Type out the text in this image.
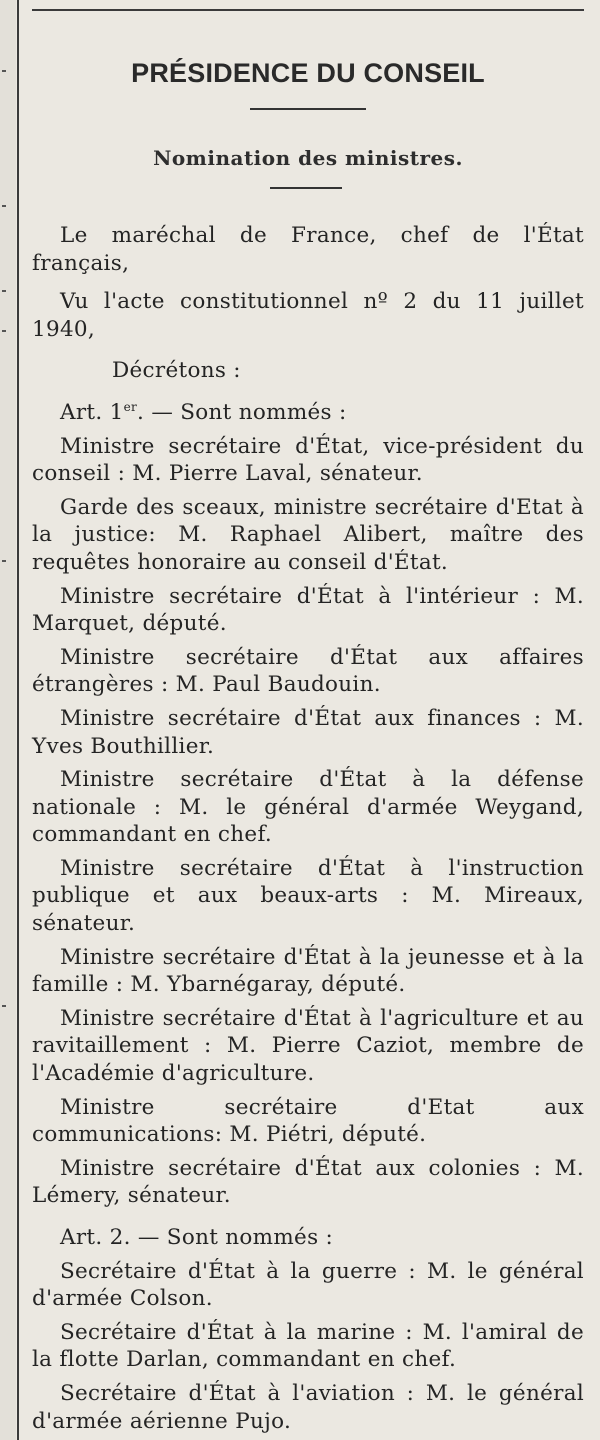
PRÉSIDENCE DU CONSEIL
Nomination des ministres.

Le maréchal de France, chef de l'État français,

Vu l'acte constitutionnel nº 2 du 11 juillet 1940,

Décrétons :

Art. 1er. — Sont nommés :

Ministre secrétaire d'État, vice-président du conseil : M. Pierre Laval, sénateur.

Garde des sceaux, ministre secrétaire d'Etat à la justice: M. Raphael Alibert, maître des requêtes honoraire au conseil d'État.

Ministre secrétaire d'État à l'intérieur : M. Marquet, député.

Ministre secrétaire d'État aux affaires étrangères : M. Paul Baudouin.

Ministre secrétaire d'État aux finances : M. Yves Bouthillier.

Ministre secrétaire d'État à la défense nationale : M. le général d'armée Weygand, commandant en chef.

Ministre secrétaire d'État à l'instruction publique et aux beaux-arts : M. Mireaux, sénateur.

Ministre secrétaire d'État à la jeunesse et à la famille : M. Ybarnégaray, député.

Ministre secrétaire d'État à l'agriculture et au ravitaillement : M. Pierre Caziot, membre de l'Académie d'agriculture.

Ministre secrétaire d'Etat aux communications: M. Piétri, député.

Ministre secrétaire d'État aux colonies : M. Lémery, sénateur.

Art. 2. — Sont nommés :

Secrétaire d'État à la guerre : M. le général d'armée Colson.

Secrétaire d'État à la marine : M. l'amiral de la flotte Darlan, commandant en chef.

Secrétaire d'État à l'aviation : M. le général d'armée aérienne Pujo.
